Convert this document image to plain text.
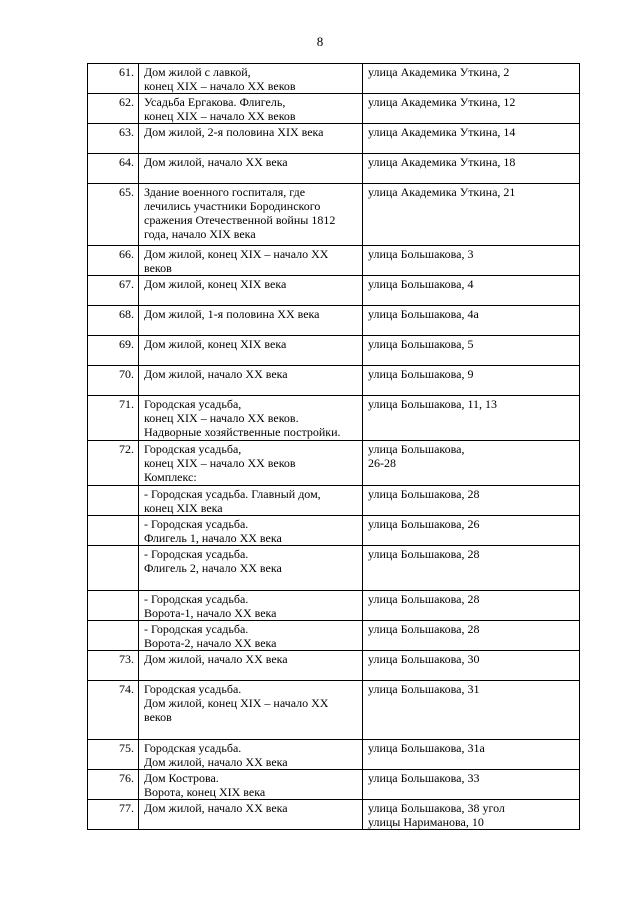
8
61.	Дом жилой с лавкой,
конец XIX – начало XX веков	улица Академика Уткина, 2
62.	Усадьба Ергакова. Флигель,
конец XIX – начало XX веков	улица Академика Уткина, 12
63.	Дом жилой, 2-я половина XIX века	улица Академика Уткина, 14
64.	Дом жилой, начало XX века	улица Академика Уткина, 18
65.	Здание военного госпиталя, где
лечились участники Бородинского
сражения Отечественной войны 1812
года, начало XIX века	улица Академика Уткина, 21
66.	Дом жилой, конец XIX – начало XX
веков	улица Большакова, 3
67.	Дом жилой, конец XIX века	улица Большакова, 4
68.	Дом жилой, 1-я половина XX века	улица Большакова, 4а
69.	Дом жилой, конец XIX века	улица Большакова, 5
70.	Дом жилой, начало XX века	улица Большакова, 9
71.	Городская усадьба,
конец XIX – начало XX веков.
Надворные хозяйственные постройки.	улица Большакова, 11, 13
72.	Городская усадьба,
конец XIX – начало XX веков
Комплекс:	улица Большакова,
26-28
	- Городская усадьба. Главный дом,
конец XIX века	улица Большакова, 28
	- Городская усадьба.
Флигель 1, начало XX века	улица Большакова, 26
	- Городская усадьба.
Флигель 2, начало XX века	улица Большакова, 28
	- Городская усадьба.
Ворота-1, начало XX века	улица Большакова, 28
	- Городская усадьба.
Ворота-2, начало XX века	улица Большакова, 28
73.	Дом жилой, начало XX века	улица Большакова, 30
74.	Городская усадьба.
Дом жилой, конец XIX – начало XX
веков	улица Большакова, 31
75.	Городская усадьба.
Дом жилой, начало XX века	улица Большакова, 31а
76.	Дом Кострова.
Ворота, конец XIX века	улица Большакова, 33
77.	Дом жилой, начало XX века	улица Большакова, 38 угол
улицы Нариманова, 10
